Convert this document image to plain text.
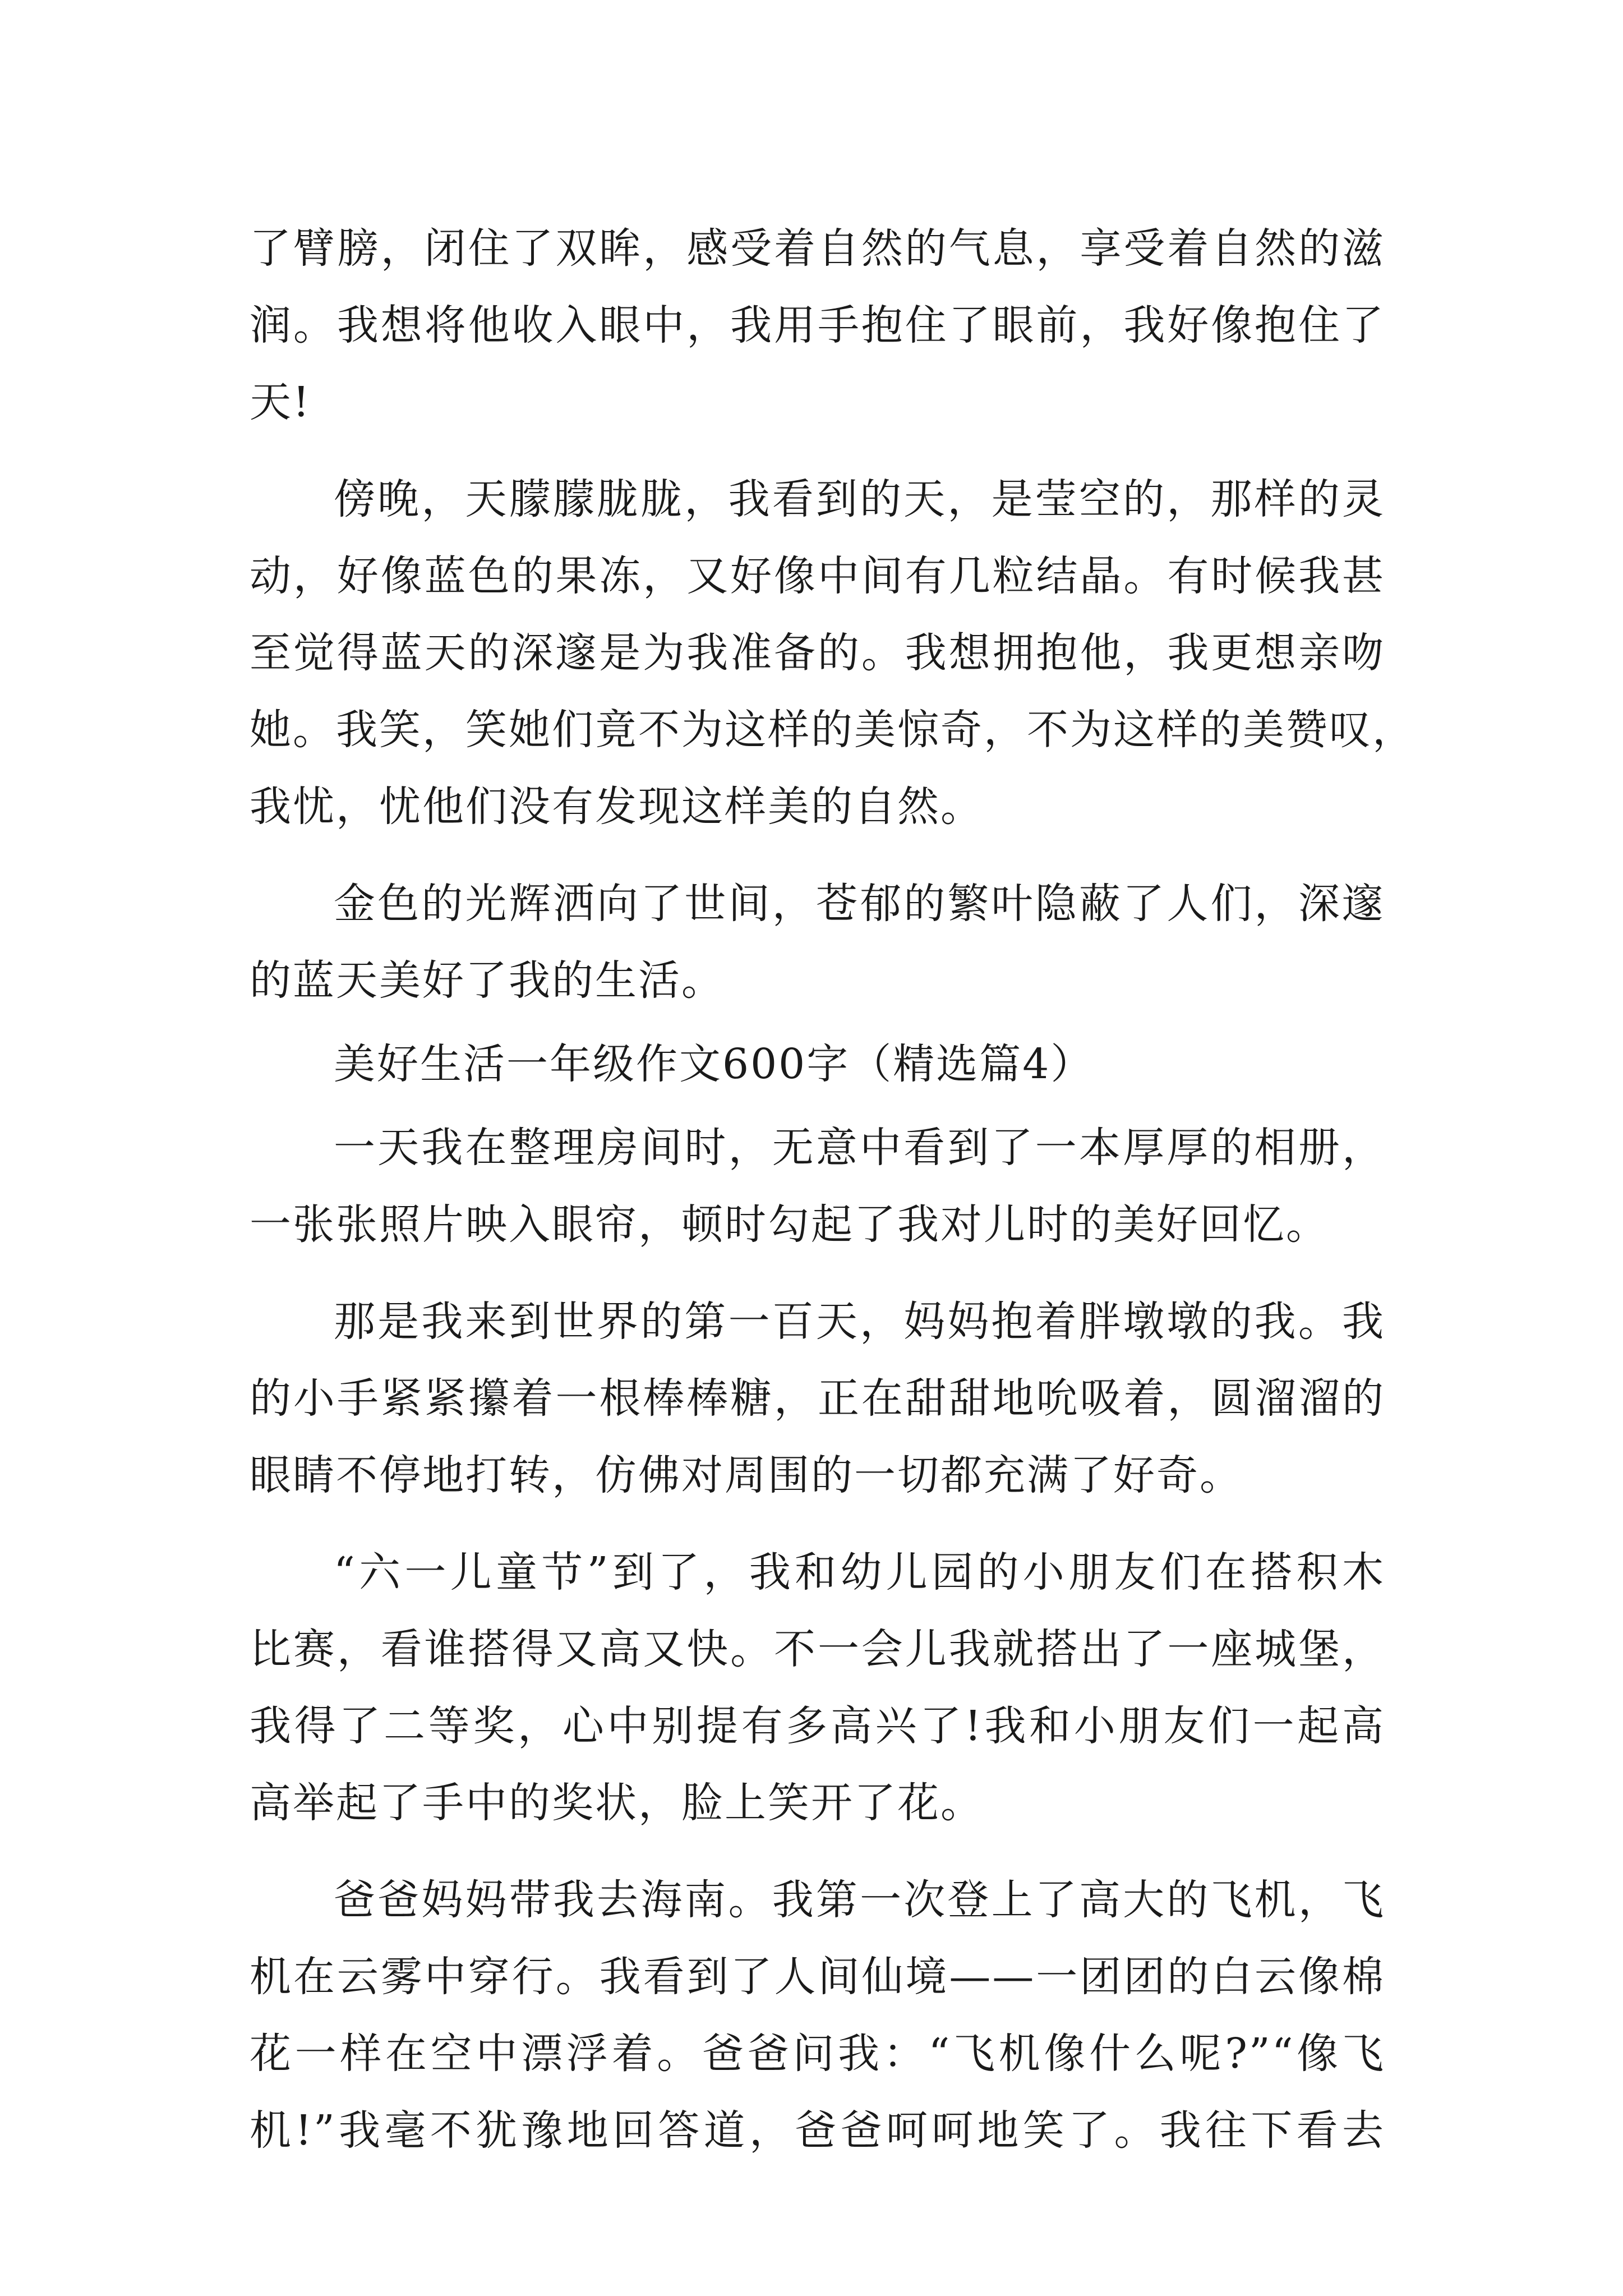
了臂膀，闭住了双眸，感受着自然的气息，享受着自然的滋
润。我想将他收入眼中，我用手抱住了眼前，我好像抱住了
天!
傍晚，天朦朦胧胧，我看到的天，是莹空的，那样的灵
动，好像蓝色的果冻，又好像中间有几粒结晶。有时候我甚
至觉得蓝天的深邃是为我准备的。我想拥抱他，我更想亲吻
她。我笑，笑她们竟不为这样的美惊奇，不为这样的美赞叹，
我忧，忧他们没有发现这样美的自然。
金色的光辉洒向了世间，苍郁的繁叶隐蔽了人们，深邃
的蓝天美好了我的生活。
美好生活一年级作文600字（精选篇4）
一天我在整理房间时，无意中看到了一本厚厚的相册，
一张张照片映入眼帘，顿时勾起了我对儿时的美好回忆。
那是我来到世界的第一百天，妈妈抱着胖墩墩的我。我
的小手紧紧攥着一根棒棒糖，正在甜甜地吮吸着，圆溜溜的
眼睛不停地打转，仿佛对周围的一切都充满了好奇。
“六一儿童节”到了，我和幼儿园的小朋友们在搭积木
比赛，看谁搭得又高又快。不一会儿我就搭出了一座城堡，
我得了二等奖，心中别提有多高兴了!我和小朋友们一起高
高举起了手中的奖状，脸上笑开了花。
爸爸妈妈带我去海南。我第一次登上了高大的飞机，飞
机在云雾中穿行。我看到了人间仙境——一团团的白云像棉
花一样在空中漂浮着。爸爸问我：“飞机像什么呢?”“像飞
机!”我毫不犹豫地回答道，爸爸呵呵地笑了。我往下看去
